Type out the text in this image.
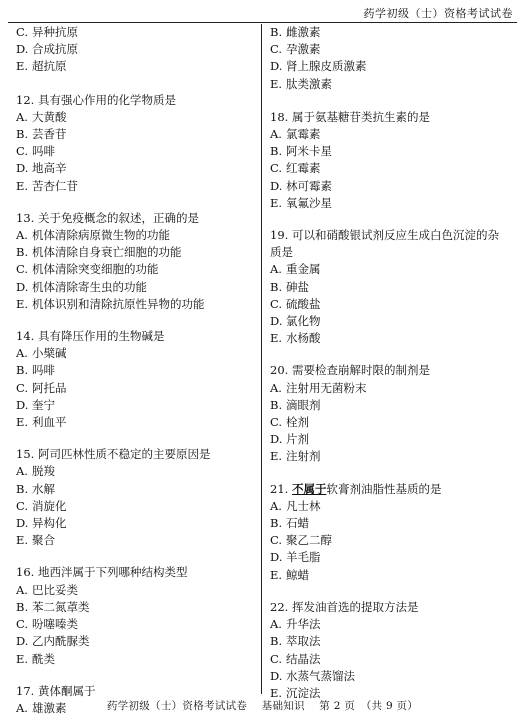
药学初级（士）资格考试试卷
C. 异种抗原
D. 合成抗原
E. 超抗原
12. 具有强心作用的化学物质是
A. 大黄酸
B. 芸香苷
C. 吗啡
D. 地高辛
E. 苦杏仁苷
13. 关于免疫概念的叙述，正确的是
A. 机体清除病原微生物的功能
B. 机体清除自身衰亡细胞的功能
C. 机体清除突变细胞的功能
D. 机体清除寄生虫的功能
E. 机体识别和清除抗原性异物的功能
14. 具有降压作用的生物碱是
A. 小檗碱
B. 吗啡
C. 阿托品
D. 奎宁
E. 利血平
15. 阿司匹林性质不稳定的主要原因是
A. 脱羧
B. 水解
C. 消旋化
D. 异构化
E. 聚合
16. 地西泮属于下列哪种结构类型
A. 巴比妥类
B. 苯二氮䓬类
C. 吩噻嗪类
D. 乙内酰脲类
E. 酰类
17. 黄体酮属于
A. 雄激素
B. 雌激素
C. 孕激素
D. 肾上腺皮质激素
E. 肽类激素
18. 属于氨基糖苷类抗生素的是
A. 氯霉素
B. 阿米卡星
C. 红霉素
D. 林可霉素
E. 氧氟沙星
19. 可以和硝酸银试剂反应生成白色沉淀的杂质是
A. 重金属
B. 砷盐
C. 硫酸盐
D. 氯化物
E. 水杨酸
20. 需要检查崩解时限的制剂是
A. 注射用无菌粉末
B. 滴眼剂
C. 栓剂
D. 片剂
E. 注射剂
21. 不属于软膏剂油脂性基质的是
A. 凡士林
B. 石蜡
C. 聚乙二醇
D. 羊毛脂
E. 鲸蜡
22. 挥发油首选的提取方法是
A. 升华法
B. 萃取法
C. 结晶法
D. 水蒸气蒸馏法
E. 沉淀法
药学初级（士）资格考试试卷　 基础知识　 第 2 页　（共 9 页）
